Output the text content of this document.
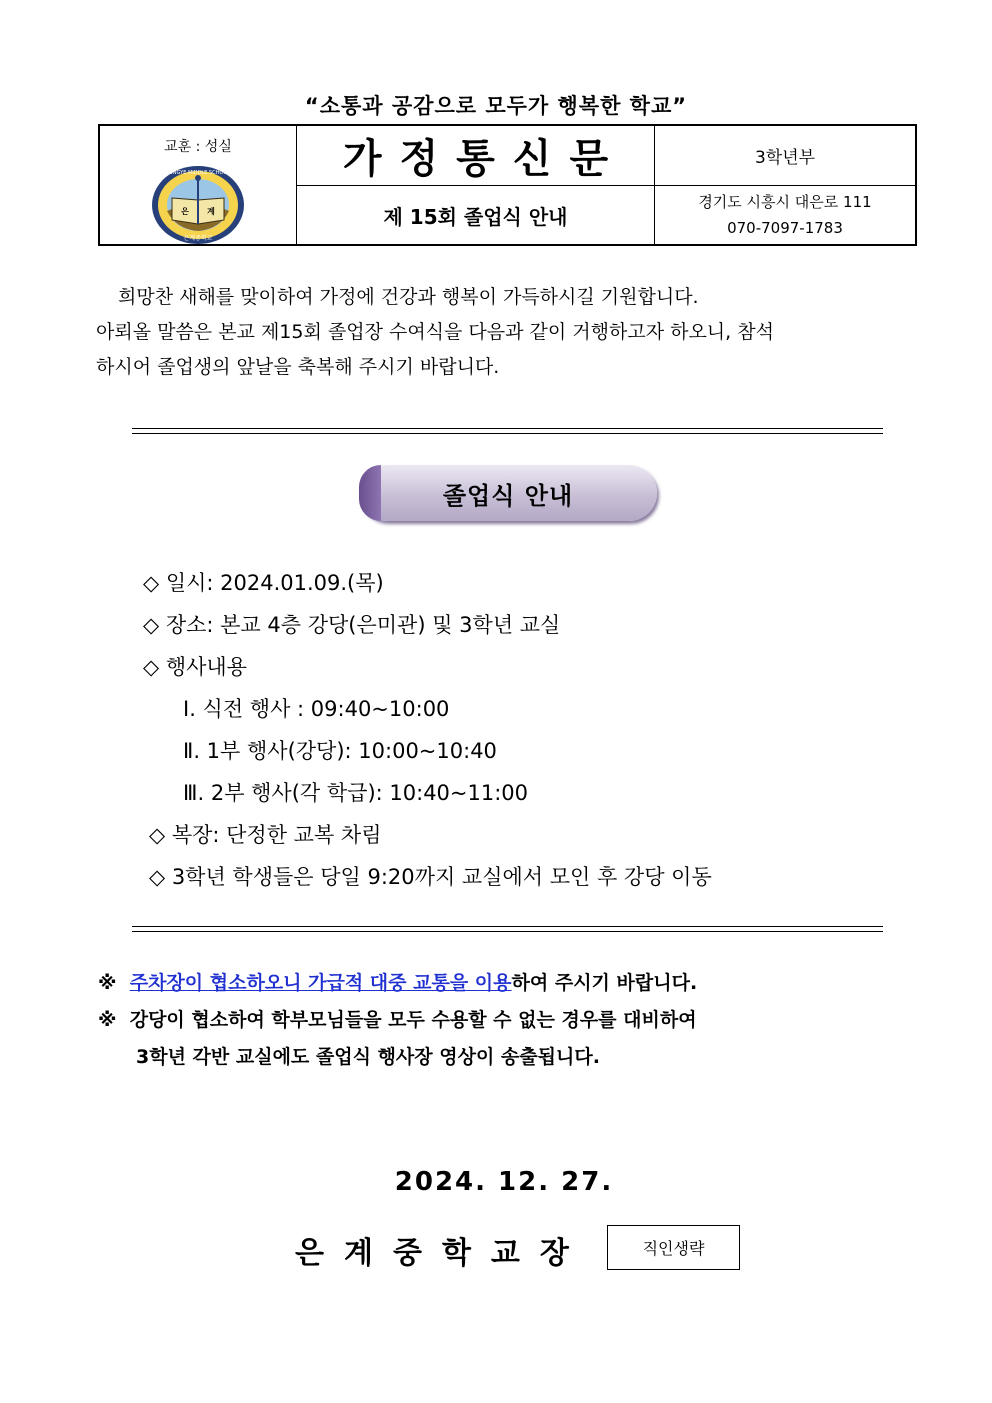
“소통과 공감으로 모두가 행복한 학교”
교훈 : 성실
은 계
EUNGYE MIDDLE SCHOOL
은계중학교
가정통신문
제 15회 졸업식 안내
3학년부
경기도 시흥시 대은로 111
070-7097-1783

희망찬 새해를 맞이하여 가정에 건강과 행복이 가득하시길 기원합니다.

아뢰올 말씀은 본교 제15회 졸업장 수여식을 다음과 같이 거행하고자 하오니, 참석

하시어 졸업생의 앞날을 축복해 주시기 바랍니다.

졸업식 안내
◇ 일시: 2024.01.09.(목)
◇ 장소: 본교 4층 강당(은미관) 및 3학년 교실
◇ 행사내용
Ⅰ. 식전 행사 : 09:40~10:00
Ⅱ. 1부 행사(강당): 10:00~10:40
Ⅲ. 2부 행사(각 학급): 10:40~11:00
◇ 복장: 단정한 교복 차림
◇ 3학년 학생들은 당일 9:20까지 교실에서 모인 후 강당 이동
※ 주차장이 협소하오니 가급적 대중 교통을 이용하여 주시기 바랍니다.
※ 강당이 협소하여 학부모님들을 모두 수용할 수 없는 경우를 대비하여
3학년 각반 교실에도 졸업식 행사장 영상이 송출됩니다.
2024. 12. 27.
은계중학교장	직인생략
